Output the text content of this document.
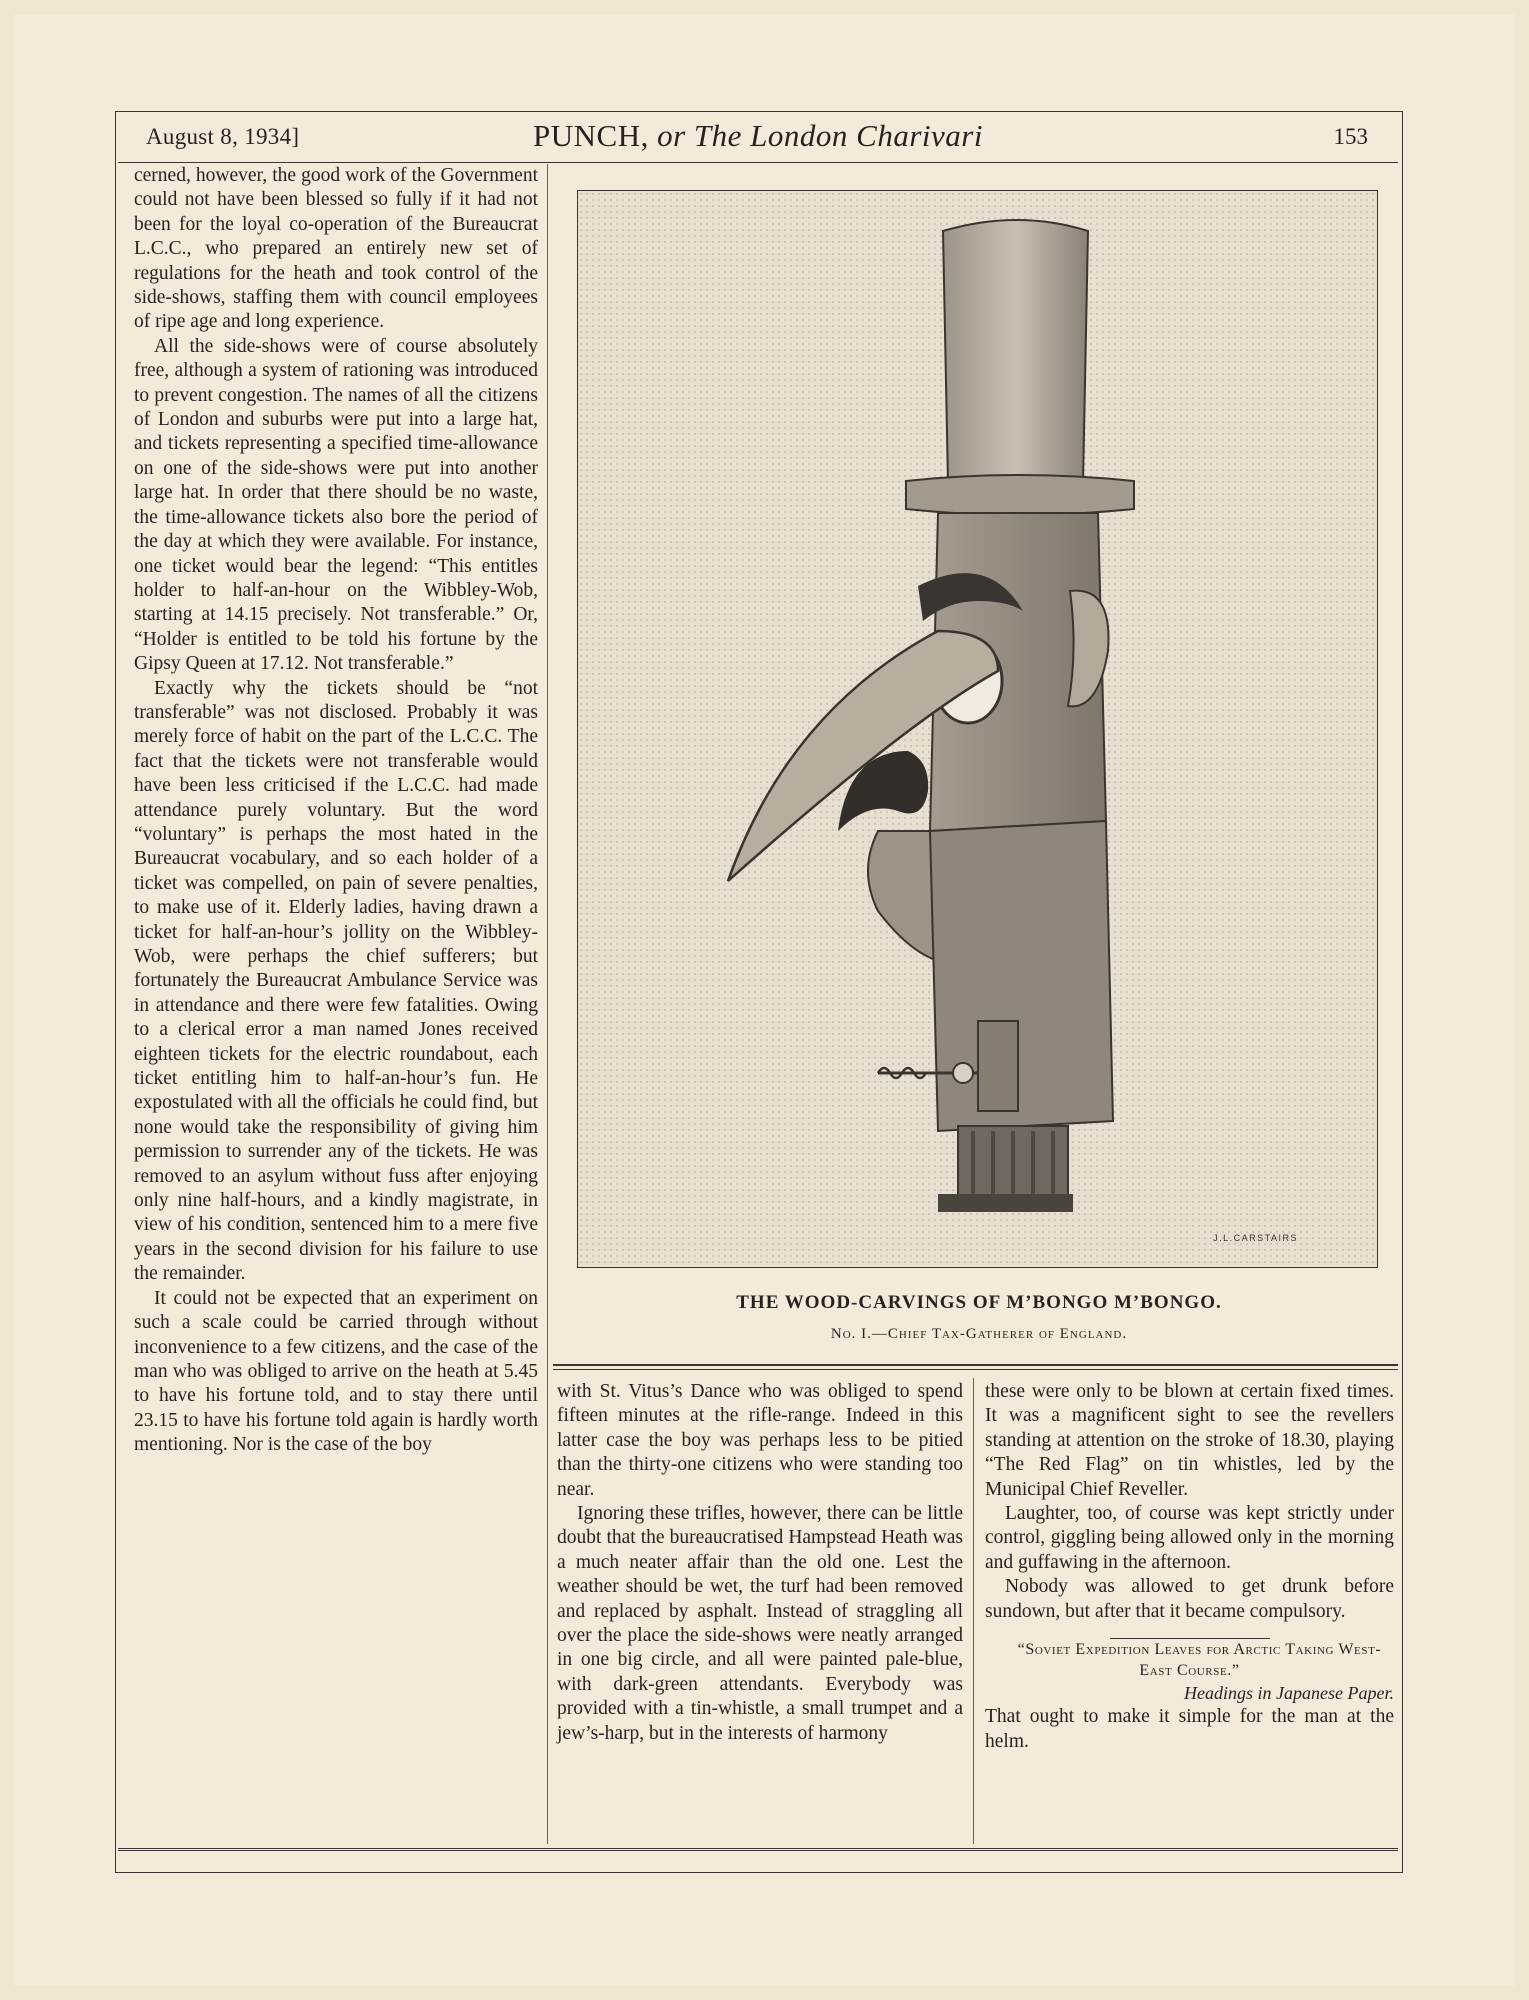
August 8, 1934]	PUNCH, or The London Charivari	153

cerned, however, the good work of the Government could not have been blessed so fully if it had not been for the loyal co-operation of the Bureaucrat L.C.C., who prepared an entirely new set of regulations for the heath and took control of the side-shows, staffing them with council employees of ripe age and long experience.

All the side-shows were of course absolutely free, although a system of rationing was introduced to prevent congestion. The names of all the citizens of London and suburbs were put into a large hat, and tickets representing a specified time-allowance on one of the side-shows were put into another large hat. In order that there should be no waste, the time-allowance tickets also bore the period of the day at which they were available. For instance, one ticket would bear the legend: “This entitles holder to half-an-hour on the Wibbley-Wob, starting at 14.15 precisely. Not transferable.” Or, “Holder is entitled to be told his fortune by the Gipsy Queen at 17.12. Not transferable.”

Exactly why the tickets should be “not transferable” was not disclosed. Probably it was merely force of habit on the part of the L.C.C. The fact that the tickets were not transferable would have been less criticised if the L.C.C. had made attendance purely voluntary. But the word “voluntary” is perhaps the most hated in the Bureaucrat vocabulary, and so each holder of a ticket was compelled, on pain of severe penalties, to make use of it. Elderly ladies, having drawn a ticket for half-an-hour’s jollity on the Wibbley-Wob, were perhaps the chief sufferers; but fortunately the Bureaucrat Ambulance Service was in attendance and there were few fatalities. Owing to a clerical error a man named Jones received eighteen tickets for the electric roundabout, each ticket entitling him to half-an-hour’s fun. He expostulated with all the officials he could find, but none would take the responsibility of giving him permission to surrender any of the tickets. He was removed to an asylum without fuss after enjoying only nine half-hours, and a kindly magistrate, in view of his condition, sentenced him to a mere five years in the second division for his failure to use the remainder.

It could not be expected that an experiment on such a scale could be carried through without inconvenience to a few citizens, and the case of the man who was obliged to arrive on the heath at 5.45 to have his fortune told, and to stay there until 23.15 to have his fortune told again is hardly worth mentioning. Nor is the case of the boy

J.L.CARSTAIRS
THE WOOD-CARVINGS OF M’BONGO M’BONGO.
No. I.—Chief Tax-Gatherer of England.

with St. Vitus’s Dance who was obliged to spend fifteen minutes at the rifle-range. Indeed in this latter case the boy was perhaps less to be pitied than the thirty-one citizens who were standing too near.

Ignoring these trifles, however, there can be little doubt that the bureaucratised Hampstead Heath was a much neater affair than the old one. Lest the weather should be wet, the turf had been removed and replaced by asphalt. Instead of straggling all over the place the side-shows were neatly arranged in one big circle, and all were painted pale-blue, with dark-green attendants. Everybody was provided with a tin-whistle, a small trumpet and a jew’s-harp, but in the interests of harmony

these were only to be blown at certain fixed times. It was a magnificent sight to see the revellers standing at attention on the stroke of 18.30, playing “The Red Flag” on tin whistles, led by the Municipal Chief Reveller.

Laughter, too, of course was kept strictly under control, giggling being allowed only in the morning and guffawing in the afternoon.

Nobody was allowed to get drunk before sundown, but after that it became compulsory.

“Soviet Expedition Leaves for Arctic Taking West-East Course.”

Headings in Japanese Paper.

That ought to make it simple for the man at the helm.
